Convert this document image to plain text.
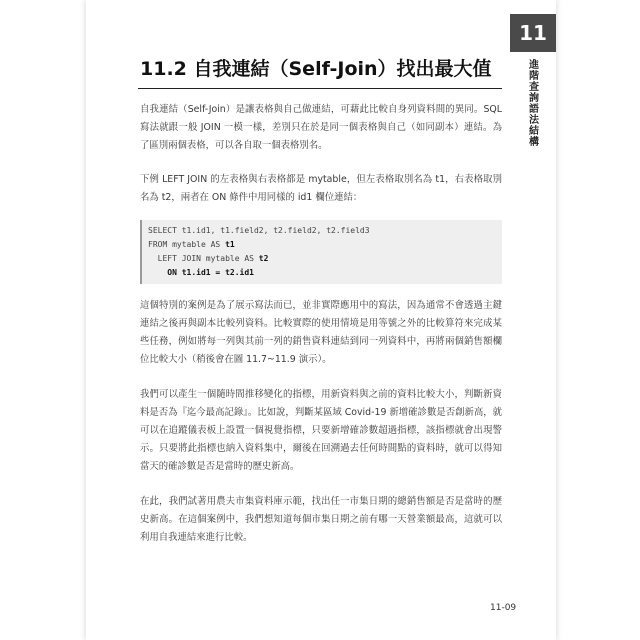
11
進
階
查
詢
語
法
結
構
11.2 自我連結（Self-Join）找出最大值

自我連結（Self-Join）是讓表格與自己做連結，可藉此比較自身列資料間的異同。SQL 寫法就跟一般 JOIN 一模一樣，差別只在於是同一個表格與自己（如同副本）連結。為了區別兩個表格，可以各自取一個表格別名。

下例 LEFT JOIN 的左表格與右表格都是 mytable，但左表格取別名為 t1，右表格取別名為 t2，兩者在 ON 條件中用同樣的 id1 欄位連結：

SELECT t1.id1, t1.field2, t2.field2, t2.field3
FROM mytable AS t1
LEFT JOIN mytable AS t2
ON t1.id1 = t2.id1

這個特別的案例是為了展示寫法而已，並非實際應用中的寫法，因為通常不會透過主鍵連結之後再與副本比較列資料。比較實際的使用情境是用等號之外的比較算符來完成某些任務，例如將每一列與其前一列的銷售資料連結到同一列資料中，再將兩個銷售額欄位比較大小（稍後會在圖 11.7~11.9 演示）。

我們可以產生一個隨時間推移變化的指標，用新資料與之前的資料比較大小，判斷新資料是否為『迄今最高記錄』。比如說，判斷某區域 Covid-19 新增確診數是否創新高，就可以在追蹤儀表板上設置一個視覺指標，只要新增確診數超過指標，該指標就會出現警示。只要將此指標也納入資料集中，爾後在回溯過去任何時間點的資料時，就可以得知當天的確診數是否是當時的歷史新高。

在此，我們試著用農夫市集資料庫示範，找出任一市集日期的總銷售額是否是當時的歷史新高。在這個案例中，我們想知道每個市集日期之前有哪一天營業額最高，這就可以利用自我連結來進行比較。

11-09
